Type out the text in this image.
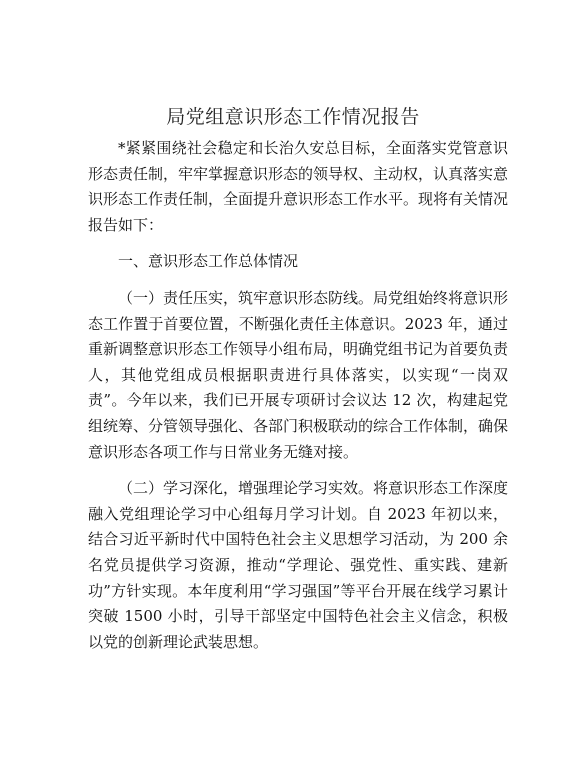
局党组意识形态工作情况报告

*紧紧围绕社会稳定和长治久安总目标，全面落实党管意识形态责任制，牢牢掌握意识形态的领导权、主动权，认真落实意识形态工作责任制，全面提升意识形态工作水平。现将有关情况报告如下：

一、意识形态工作总体情况

（一）责任压实，筑牢意识形态防线。局党组始终将意识形态工作置于首要位置，不断强化责任主体意识。2023 年，通过重新调整意识形态工作领导小组布局，明确党组书记为首要负责人，其他党组成员根据职责进行具体落实，以实现“一岗双责”。今年以来，我们已开展专项研讨会议达 12 次，构建起党组统筹、分管领导强化、各部门积极联动的综合工作体制，确保意识形态各项工作与日常业务无缝对接。

（二）学习深化，增强理论学习实效。将意识形态工作深度融入党组理论学习中心组每月学习计划。自 2023 年初以来，结合习近平新时代中国特色社会主义思想学习活动，为 200 余名党员提供学习资源，推动“学理论、强党性、重实践、建新功”方针实现。本年度利用“学习强国”等平台开展在线学习累计突破 1500 小时，引导干部坚定中国特色社会主义信念，积极以党的创新理论武装思想。
